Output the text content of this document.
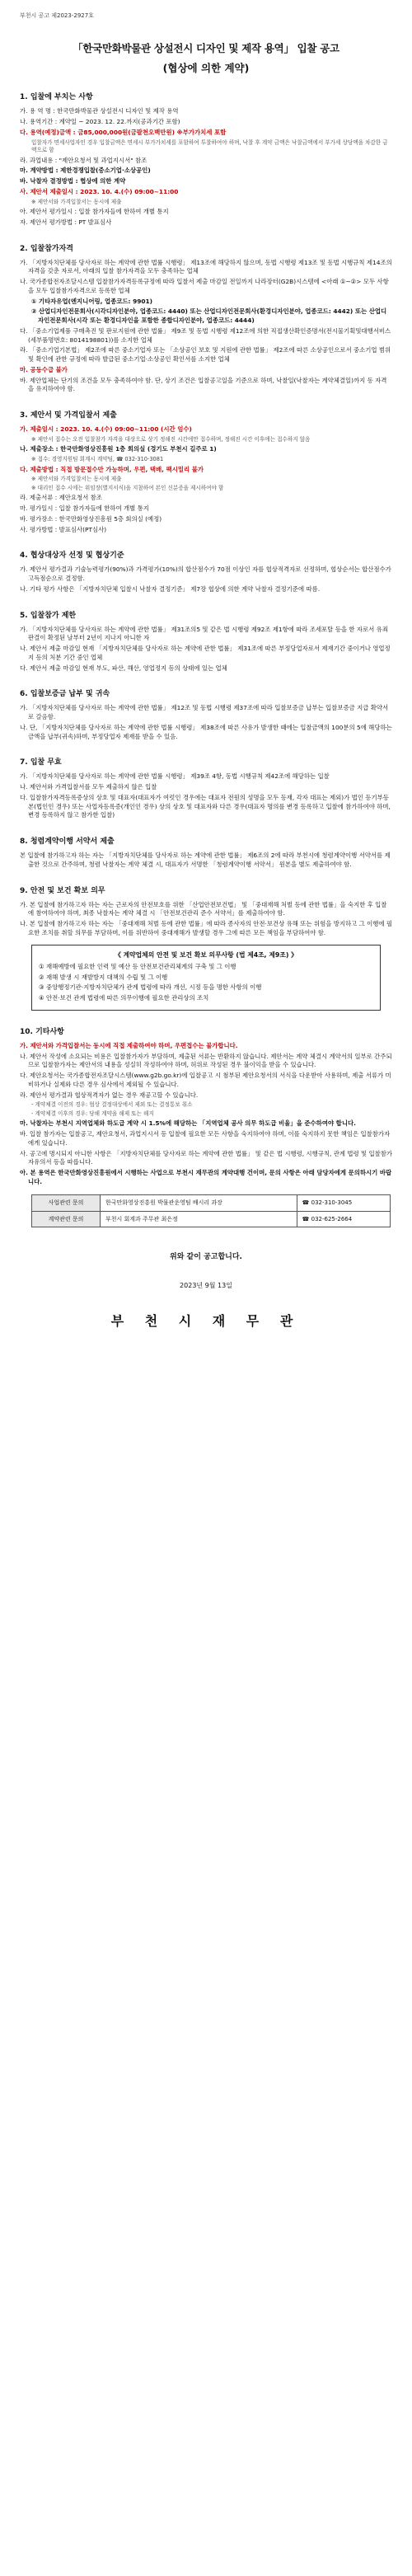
부천시 공고 제2023-2927호
「한국만화박물관 상설전시 디자인 및 제작 용역」 입찰 공고
(협상에 의한 계약)
1. 입찰에 부치는 사항
가. 용 역 명 : 한국만화박물관 상설전시 디자인 및 제작 용역
나. 용역기간 : 계약일 ~ 2023. 12. 22.까지(공과기간 포함)
다. 용역(예정)금액 : 금85,000,000원(금팔천오백만원) ※부가가치세 포함
입찰자가 면세사업자인 경우 입찰금액은 면세시 부가가치세를 포함하여 투찰하여야 하며, 낙찰 후 계약 금액은 낙찰금액에서 부가세 상당액을 차감한 금액으로 함
라. 과업내용 : "제안요청서 및 과업지시서" 참조
마. 계약방법 : 제한경쟁입찰(중소기업·소상공인)
바. 낙찰자 결정방법 : 협상에 의한 계약
사. 제안서 제출일시 : 2023. 10. 4.(수) 09:00~11:00
※ 제안서와 가격입찰서는 동시에 제출
아. 제안서 평가일시 : 입찰 참가자들에 한하여 개별 통지
자. 제안서 평가방법 : PT 발표심사
2. 입찰참가자격
가. 「지방자치단체를 당사자로 하는 계약에 관한 법률 시행령」 제13조에 해당하지 않으며, 동법 시행령 제13조 및 동법 시행규칙 제14조의 자격을 갖춘 자로서, 아래의 입찰 참가자격을 모두 충족하는 업체
나. 국가종합전자조달시스템 입찰참가자격등록규정에 따라 입찰서 제출 마감일 전일까지 나라장터(G2B)시스템에 <아래 ①~②> 모두 사항을 모두 입찰참가자격으로 등록한 업체
① 기타자유업(엔지니어링, 업종코드: 9901)
② 산업디자인전문회사(시각디자인분야, 업종코드: 4440) 또는 산업디자인전문회사(환경디자인분야, 업종코드: 4442) 또는 산업디자인전문회사(시각 또는 환경디자인을 포함한 종합디자인분야, 업종코드: 4444)
다. 「중소기업제품 구매촉진 및 판로지원에 관한 법률」 제9조 및 동법 시행령 제12조에 의한 직접생산확인증명서(전시물기획및대행서비스(세부품명번호: 8014198801))를 소지한 업체
라. 「중소기업기본법」 제2조에 따른 중소기업자 또는 「소상공인 보호 및 지원에 관한 법률」 제2조에 따른 소상공인으로서 중소기업 범위 및 확인에 관한 규정에 따라 발급된 중소기업·소상공인 확인서를 소지한 업체
마. 공동수급 불가
바. 제안업체는 단기의 조건을 모두 충족하여야 함. 단, 상기 조건은 입찰공고일을 기준으로 하며, 낙찰일(낙찰자는 계약체결일)까지 동 자격을 유지하여야 함.
3. 제안서 및 가격입찰서 제출
가. 제출일시 : 2023. 10. 4.(수) 09:00~11:00 (시간 엄수)
※ 제안서 접수는 오전 입찰참가 자격을 대상으로 상기 정해진 시간에만 접수하며, 정해진 시간 이후에는 접수하지 않음
나. 제출장소 : 한국만화영상진흥원 1층 회의실 (경기도 부천시 길주로 1)
※ 접수: 경영지원팀 회계시 계약팀, ☎ 032-310-3081
다. 제출방법 : 직접 방문접수만 가능하며, 우편, 택배, 팩시밀리 불가
※ 제안서와 가격입찰서는 동시에 제출
※ 대리인 접수 시에는 위임장(별지서식)을 지참하여 본인 신분증을 제시하여야 함
라. 제출서류 : 제안요청서 참조
마. 평가일시 : 입찰 참가자들에 한하여 개별 통지
바. 평가장소 : 한국만화영상진흥원 5층 회의실 (예정)
사. 평가방법 : 발표심사(PT심사)
4. 협상대상자 선정 및 협상기준
가. 제안서 평가결과 기술능력평가(90%)과 가격평가(10%)의 합산점수가 70점 이상인 자를 협상적격자로 선정하며, 협상순서는 합산점수가 고득점순으로 결정함.
나. 기타 평가 사항은 「지방자치단체 입찰시 낙찰자 결정기준」 제7장 협상에 의한 계약 낙찰자 결정기준에 따름.
5. 입찰참가 제한
가. 「지방자치단체를 당사자로 하는 계약에 관한 법률」 제31조의5 및 같은 법 시행령 제92조 제1항에 따라 조세포탈 등을 한 자로서 유죄판결이 확정된 날부터 2년이 지나지 아니한 자
나. 제안서 제출 마감일 현재 「지방자치단체를 당사자로 하는 계약에 관한 법률」 제31조에 따른 부정당업자로서 제재기간 중이거나 영업정지 등의 처분 기간 중인 업체
다. 제안서 제출 마감일 현재 부도, 파산, 해산, 영업정지 등의 상태에 있는 업체
6. 입찰보증금 납부 및 귀속
가. 「지방자치단체를 당사자로 하는 계약에 관한 법률」 제12조 및 동법 시행령 제37조에 따라 입찰보증금 납부는 입찰보증금 지급 확약서로 갈음함.
나. 단, 「지방자치단체를 당사자로 하는 계약에 관한 법률 시행령」 제38조에 따른 사유가 발생한 때에는 입찰금액의 100분의 5에 해당하는 금액을 납부(귀속)하며, 부정당업자 제재를 받을 수 있음.
7. 입찰 무효
가. 「지방자치단체를 당사자로 하는 계약에 관한 법률 시행령」 제39조 4항, 동법 시행규칙 제42조에 해당하는 입찰
나. 제안서와 가격입찰서를 모두 제출하지 않은 입찰
다. 입찰참가자격등록증상의 상호 및 대표자(대표자가 여럿인 경우에는 대표자 전원의 성명을 모두 등재, 각자 대표는 제외)가 법인 등기부등본(법인인 경우) 또는 사업자등록증(개인인 경우) 상의 상호 및 대표자와 다른 경우(대표자 명의를 변경 등록하고 입찰에 참가하여야 하며, 변경 등록하지 않고 참가한 입찰)
8. 청렴계약이행 서약서 제출
본 입찰에 참가하고자 하는 자는 「지방자치단체를 당사자로 하는 계약에 관한 법률」 제6조의 2에 따라 부천시에 청렴계약이행 서약서를 제출한 것으로 간주하며, 청렴 낙찰자는 계약 체결 시, 대표자가 서명한 「청렴계약이행 서약서」 원본을 별도 제출하여야 함.
9. 안전 및 보건 확보 의무
가. 본 입찰에 참가하고자 하는 자는 근로자의 안전보호를 위한 「산업안전보건법」 및 「중대재해 처벌 등에 관한 법률」을 숙지한 후 입찰에 참여하여야 하며, 최종 낙찰자는 계약 체결 시 「안전보건관리 준수 서약서」를 제출하여야 함.
나. 본 입찰에 참가하고자 하는 자는 「중대재해 처벌 등에 관한 법률」에 따라 종사자의 안전·보건상 유해 또는 위험을 방지하고 그 이행에 필요한 조치를 취할 의무를 부담하며, 이를 위반하여 중대재해가 발생할 경우 그에 따른 모든 책임을 부담하여야 함.
《 계약업체의 안전 및 보건 확보 의무사항 (법 제4조, 제9조) 》
① 재해예방에 필요한 인력 및 예산 등 안전보건관리체계의 구축 및 그 이행
② 재해 발생 시 재발방지 대책의 수립 및 그 이행
③ 중앙행정기관·지방자치단체가 관계 법령에 따라 개선, 시정 등을 명한 사항의 이행
④ 안전·보건 관계 법령에 따른 의무이행에 필요한 관리상의 조치
10. 기타사항
가. 제안서와 가격입찰서는 동시에 직접 제출하여야 하며, 우편접수는 불가합니다.
나. 제안서 작성에 소요되는 비용은 입찰참가자가 부담하며, 제출된 서류는 반환하지 않습니다. 제안서는 계약 체결시 계약서의 일부로 간주되므로 입찰참가자는 제안서의 내용을 성실히 작성하여야 하며, 허위로 작성된 경우 불이익을 받을 수 있습니다.
다. 제안요청서는 국가종합전자조달시스템(www.g2b.go.kr)에 입찰공고 시 첨부된 제안요청서의 서식을 다운받아 사용하며, 제출 서류가 미비하거나 실제와 다른 경우 심사에서 제외될 수 있습니다.
라. 제안서 평가결과 협상적격자가 없는 경우 재공고할 수 있습니다.
- 계약체결 이전의 경우: 협상 결정대상에서 제외 또는 결정통보 취소
- 계약체결 이후의 경우: 당해 계약을 해제 또는 해지
마. 낙찰자는 부천시 지역업체와 하도급 계약 시 1.5%에 해당하는 「지역업체 공사 의무 하도급 비율」을 준수하여야 합니다.
바. 입찰 참가자는 입찰공고, 제안요청서, 과업지시서 등 입찰에 필요한 모든 사항을 숙지하여야 하며, 이를 숙지하지 못한 책임은 입찰참가자에게 있습니다.
사. 공고에 명시되지 아니한 사항은 「지방자치단체를 당사자로 하는 계약에 관한 법률」 및 같은 법 시행령, 시행규칙, 관계 법령 및 입찰참가자유의서 등을 따릅니다.
아. 본 용역은 한국만화영상진흥원에서 시행하는 사업으로 부천시 재무관의 계약대행 건이며, 문의 사항은 아래 담당자에게 문의하시기 바랍니다.
사업관련 문의	한국만화영상진흥원 박물관운영팀 배시리 과장	☎ 032-310-3045
계약관련 문의	부천시 회계과 주무관 최은정	☎ 032-625-2664
위와 같이 공고합니다.
2023년 9월 13일
부 천 시 재 무 관
